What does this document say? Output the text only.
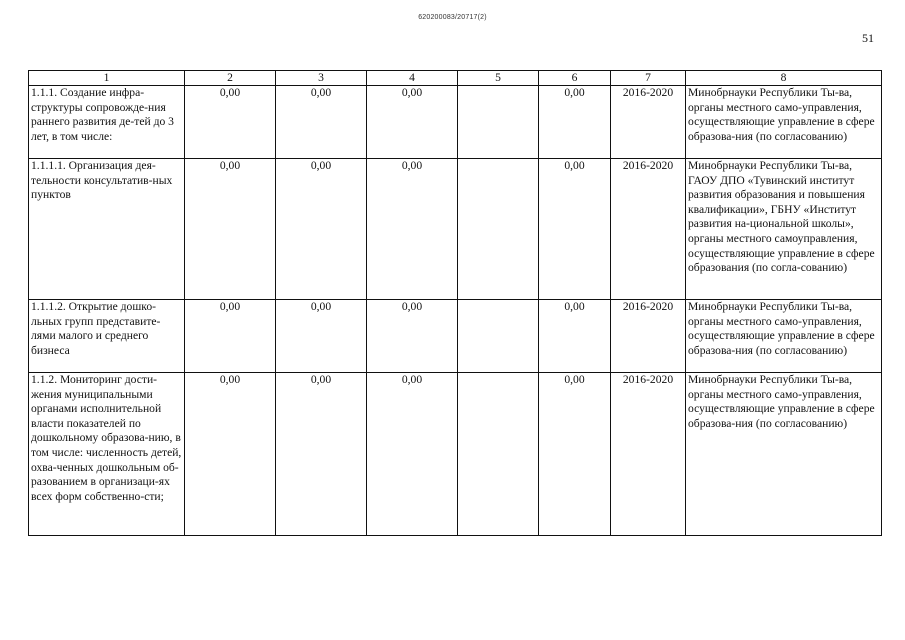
620200083/20717(2)
51
1	2	3	4	5	6	7	8
1.1.1. Создание инфра-структуры сопровожде-ния раннего развития де-тей до 3 лет, в том числе:	0,00	0,00	0,00		0,00	2016-2020	Минобрнауки Республики Ты-ва, органы местного само-управления, осуществляющие управление в сфере образова-ния (по согласованию)
1.1.1.1. Организация дея-тельности консультатив-ных пунктов	0,00	0,00	0,00		0,00	2016-2020	Минобрнауки Республики Ты-ва, ГАОУ ДПО «Тувинский институт развития образования и повышения квалификации», ГБНУ «Институт развития на-циональной школы», органы местного самоуправления, осуществляющие управление в сфере образования (по согла-сованию)
1.1.1.2. Открытие дошко-льных групп представите-лями малого и среднего бизнеса	0,00	0,00	0,00		0,00	2016-2020	Минобрнауки Республики Ты-ва, органы местного само-управления, осуществляющие управление в сфере образова-ния (по согласованию)
1.1.2. Мониторинг дости-жения муниципальными органами исполнительной власти показателей по дошкольному образова-нию, в том числе: численность детей, охва-ченных дошкольным об-разованием в организаци-ях всех форм собственно-сти;	0,00	0,00	0,00		0,00	2016-2020	Минобрнауки Республики Ты-ва, органы местного само-управления, осуществляющие управление в сфере образова-ния (по согласованию)
